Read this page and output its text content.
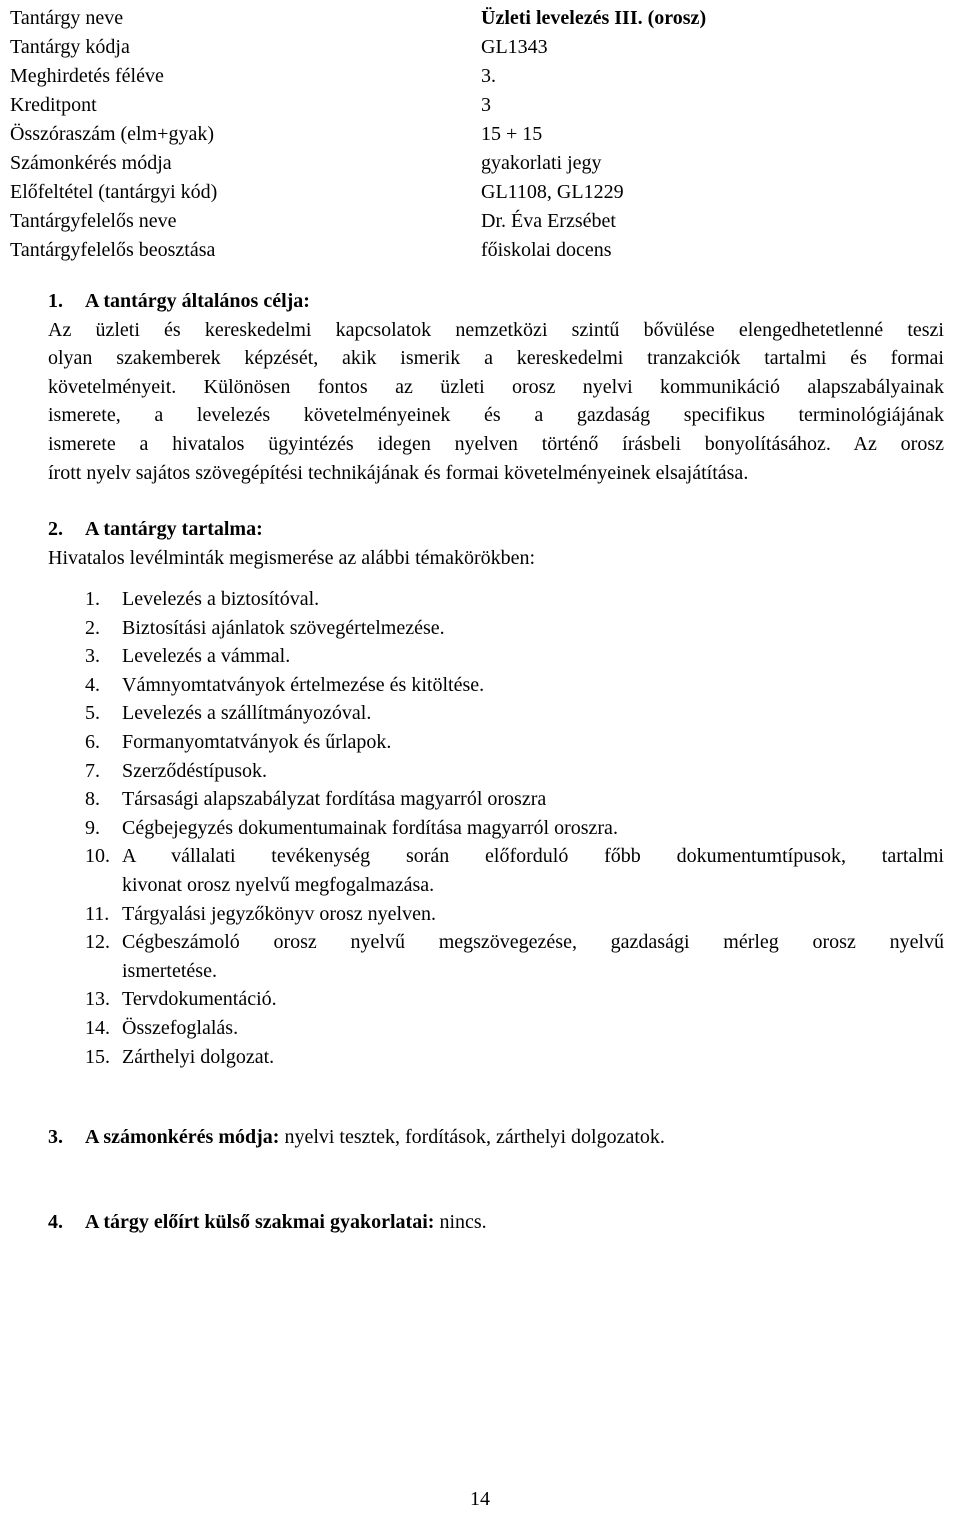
Tantárgy neve	Üzleti levelezés III. (orosz)
Tantárgy kódja	GL1343
Meghirdetés féléve	3.
Kreditpont	3
Összóraszám (elm+gyak)	15 + 15
Számonkérés módja	gyakorlati jegy
Előfeltétel (tantárgyi kód)	GL1108, GL1229
Tantárgyfelelős neve	Dr. Éva Erzsébet
Tantárgyfelelős beosztása	főiskolai docens
1. A tantárgy általános célja:
Az üzleti és kereskedelmi kapcsolatok nemzetközi szintű bővülése elengedhetetlenné teszi
olyan szakemberek képzését, akik ismerik a kereskedelmi tranzakciók tartalmi és formai
követelményeit. Különösen fontos az üzleti orosz nyelvi kommunikáció alapszabályainak
ismerete, a levelezés követelményeinek és a gazdaság specifikus terminológiájának
ismerete a hivatalos ügyintézés idegen nyelven történő írásbeli bonyolításához. Az orosz
írott nyelv sajátos szövegépítési technikájának és formai követelményeinek elsajátítása.
2. A tantárgy tartalma:
Hivatalos levélminták megismerése az alábbi témakörökben:
1. Levelezés a biztosítóval.
2. Biztosítási ajánlatok szövegértelmezése.
3. Levelezés a vámmal.
4. Vámnyomtatványok értelmezése és kitöltése.
5. Levelezés a szállítmányozóval.
6. Formanyomtatványok és űrlapok.
7. Szerződéstípusok.
8. Társasági alapszabályzat fordítása magyarról oroszra
9. Cégbejegyzés dokumentumainak fordítása magyarról oroszra.
10. A vállalati tevékenység során előforduló főbb dokumentumtípusok, tartalmi
kivonat orosz nyelvű megfogalmazása.
11. Tárgyalási jegyzőkönyv orosz nyelven.
12. Cégbeszámoló orosz nyelvű megszövegezése, gazdasági mérleg orosz nyelvű
ismertetése.
13. Tervdokumentáció.
14. Összefoglalás.
15. Zárthelyi dolgozat.
3. A számonkérés módja: nyelvi tesztek, fordítások, zárthelyi dolgozatok.
4. A tárgy előírt külső szakmai gyakorlatai: nincs.
14
